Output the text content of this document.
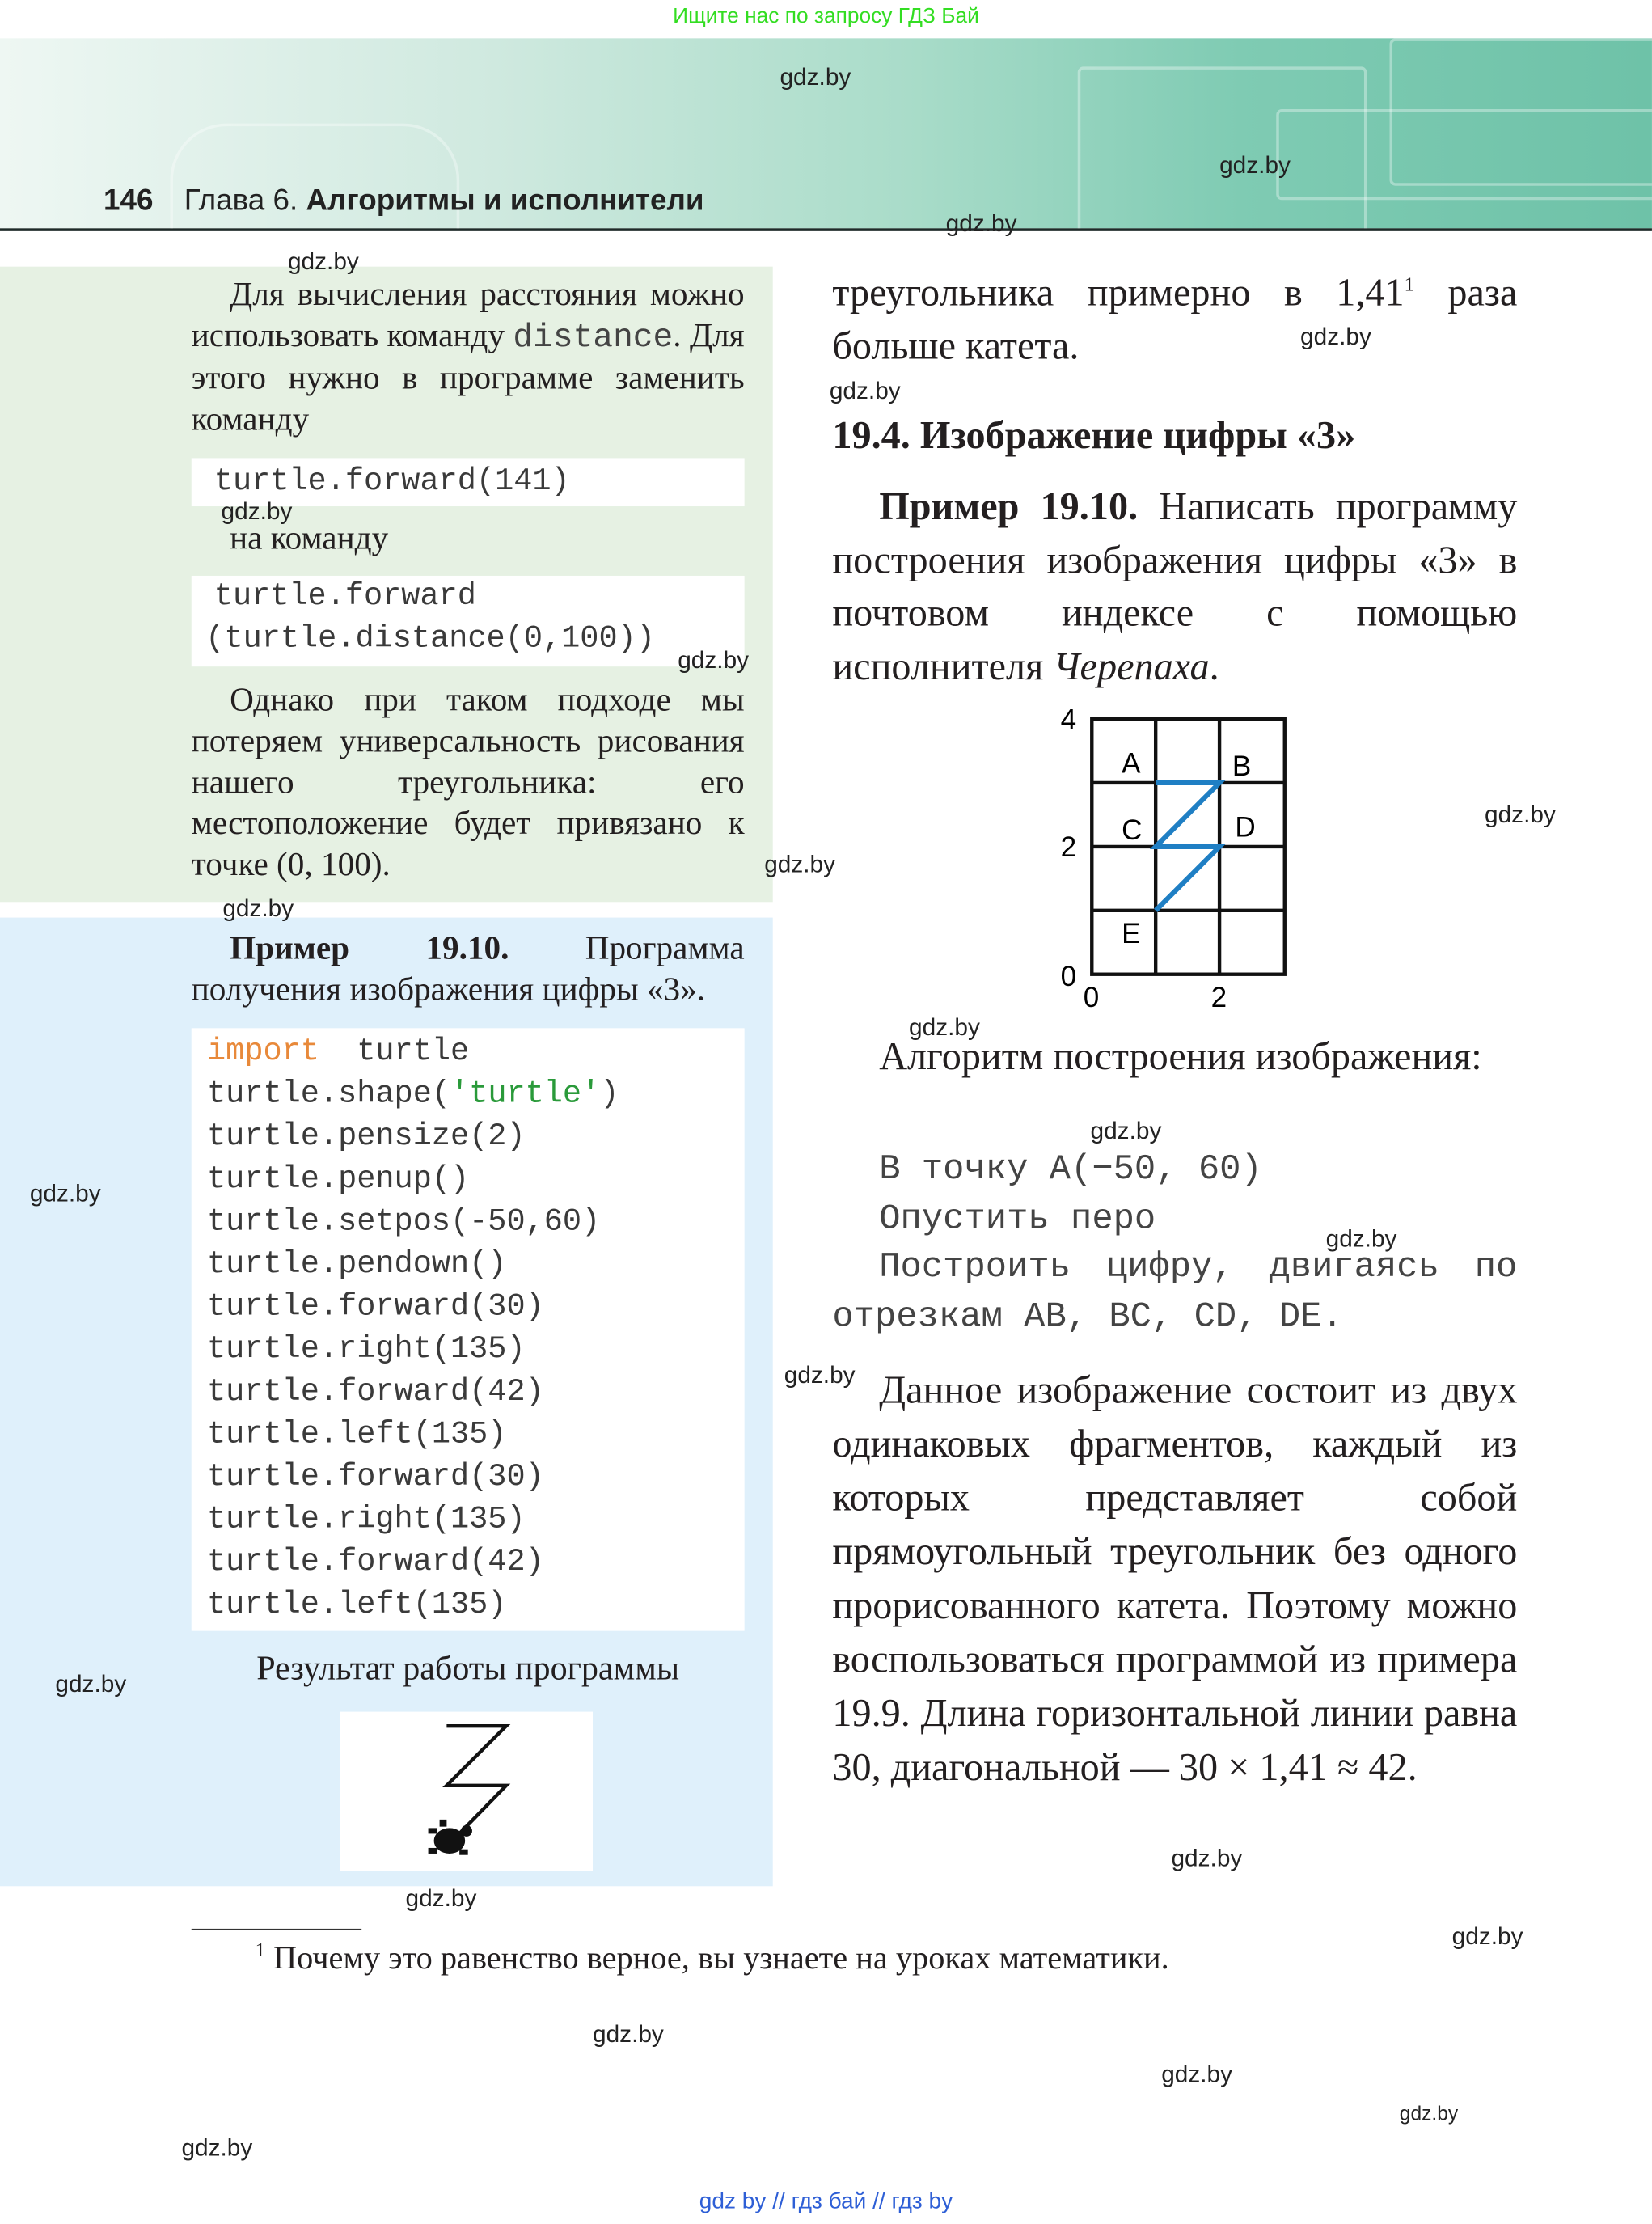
Ищите нас по запросу ГДЗ Бай
146 Глава 6. Алгоритмы и исполнители
Для вычисления расстояния можно использовать команду distance. Для этого нужно в программе заменить команду
turtle.forward(141)
на команду
turtle.forward
(turtle.distance(0,100))
Однако при таком подходе мы потеряем универсальность рисования нашего треугольника: его местоположение будет привязано к точке (0, 100).
Пример 19.10. Программа получения изображения цифры «3».
import  turtle
turtle.shape('turtle')
turtle.pensize(2)
turtle.penup()
turtle.setpos(-50,60)
turtle.pendown()
turtle.forward(30)
turtle.right(135)
turtle.forward(42)
turtle.left(135)
turtle.forward(30)
turtle.right(135)
turtle.forward(42)
turtle.left(135)
Результат работы программы
треугольника примерно в 1,41$^1$ раза больше катета.
19.4. Изображение цифры «3»
Пример 19.10. Написать программу построения изображения цифры «3» в почтовом индексе с помощью исполнителя Черепаха.
4
2
0
0	2
A	B
C	D
E
Алгоритм построения изображения:
В точку А(−50, 60)
Опустить перо
Построить цифру, двигаясь по отрезкам AB, BC, CD, DE.
Данное изображение состоит из двух одинаковых фрагментов, каждый из которых представляет собой прямоугольный треугольник без одного прорисованного катета. Поэтому можно воспользоваться программой из примера 19.9. Длина горизонтальной линии равна 30, диагональной — 30 × 1,41 ≈ 42.
$^1$ Почему это равенство верное, вы узнаете на уроках математики.
gdz by // гдз бай // гдз by
gdz.by
gdz.by
gdz.by
gdz.by
gdz.by
gdz.by
gdz.by
gdz.by
gdz.by
gdz.by
gdz.by
gdz.by
gdz.by
gdz.by
gdz.by
gdz.by
gdz.by
gdz.by
gdz.by
gdz.by
gdz.by
gdz.by
gdz.by
gdz.by
